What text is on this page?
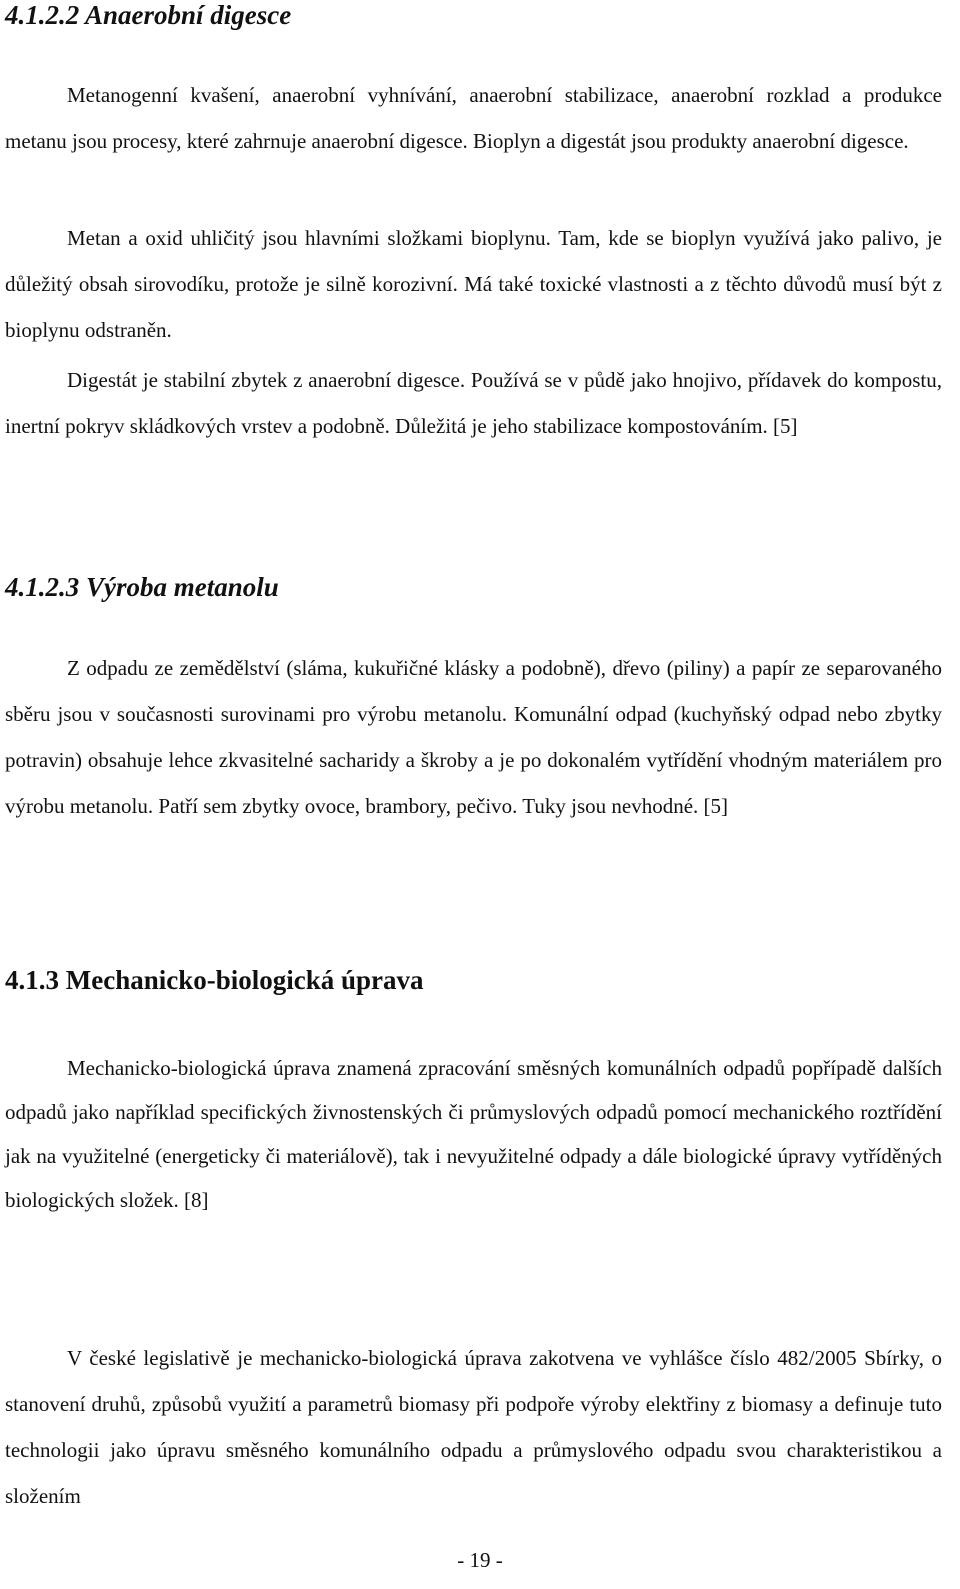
4.1.2.2 Anaerobní digesce

Metanogenní kvašení, anaerobní vyhnívání, anaerobní stabilizace, anaerobní rozklad a produkce metanu jsou procesy, které zahrnuje anaerobní digesce. Bioplyn a digestát jsou produkty anaerobní digesce.

Metan a oxid uhličitý jsou hlavními složkami bioplynu. Tam, kde se bioplyn využívá jako palivo, je důležitý obsah sirovodíku, protože je silně korozivní. Má také toxické vlastnosti a z těchto důvodů musí být z bioplynu odstraněn.

Digestát je stabilní zbytek z anaerobní digesce. Používá se v půdě jako hnojivo, přídavek do kompostu, inertní pokryv skládkových vrstev a podobně. Důležitá je jeho stabilizace kompostováním. [5]

4.1.2.3 Výroba metanolu

Z odpadu ze zemědělství (sláma, kukuřičné klásky a podobně), dřevo (piliny) a papír ze separovaného sběru jsou v současnosti surovinami pro výrobu metanolu. Komunální odpad (kuchyňský odpad nebo zbytky potravin) obsahuje lehce zkvasitelné sacharidy a škroby a je po dokonalém vytřídění vhodným materiálem pro výrobu metanolu. Patří sem zbytky ovoce, brambory, pečivo. Tuky jsou nevhodné. [5]

4.1.3 Mechanicko-biologická úprava

Mechanicko-biologická úprava znamená zpracování směsných komunálních odpadů popřípadě dalších odpadů jako například specifických živnostenských či průmyslových odpadů pomocí mechanického roztřídění jak na využitelné (energeticky či materiálově), tak i nevyužitelné odpady a dále biologické úpravy vytříděných biologických složek. [8]

V české legislativě je mechanicko-biologická úprava zakotvena ve vyhlášce číslo 482/2005 Sbírky, o stanovení druhů, způsobů využití a parametrů biomasy při podpoře výroby elektřiny z biomasy a definuje tuto technologii jako úpravu směsného komunálního odpadu a průmyslového odpadu svou charakteristikou a složením

- 19 -
